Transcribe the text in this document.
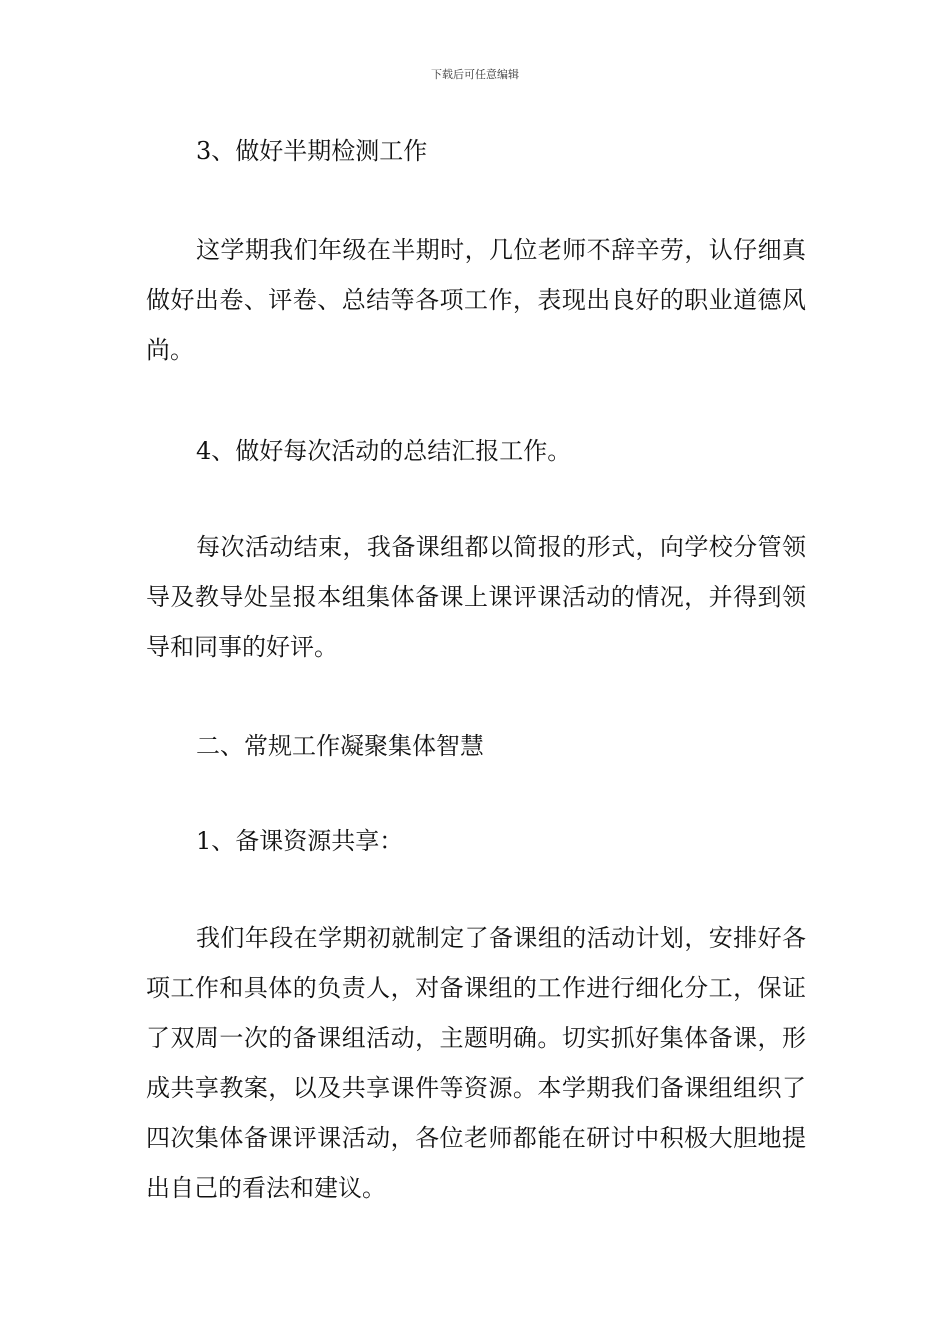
下载后可任意编辑

3、做好半期检测工作

这学期我们年级在半期时，几位老师不辞辛劳，认仔细真做好出卷、评卷、总结等各项工作，表现出良好的职业道德风尚。

4、做好每次活动的总结汇报工作。

每次活动结束，我备课组都以简报的形式，向学校分管领导及教导处呈报本组集体备课上课评课活动的情况，并得到领导和同事的好评。

二、常规工作凝聚集体智慧

1、备课资源共享：

我们年段在学期初就制定了备课组的活动计划，安排好各项工作和具体的负责人，对备课组的工作进行细化分工，保证了双周一次的备课组活动，主题明确。切实抓好集体备课，形成共享教案，以及共享课件等资源。本学期我们备课组组织了四次集体备课评课活动，各位老师都能在研讨中积极大胆地提出自己的看法和建议。
